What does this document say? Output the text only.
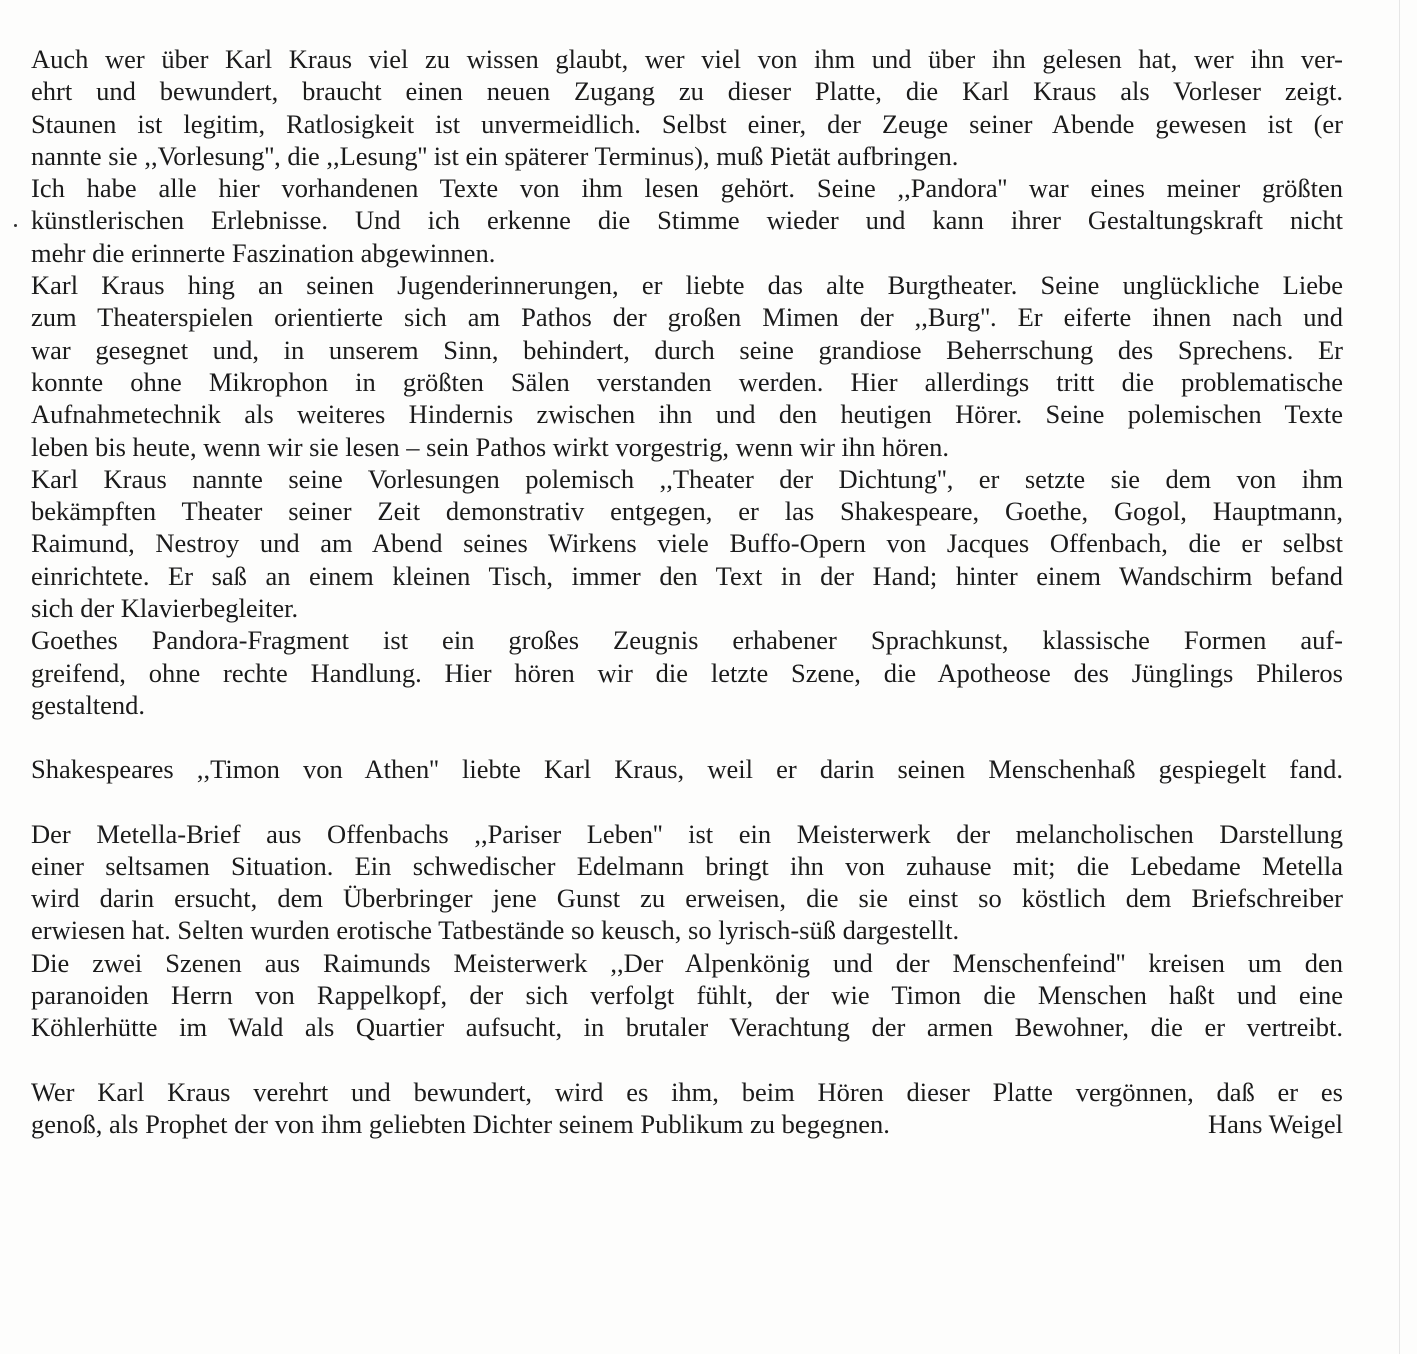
Auch wer über Karl Kraus viel zu wissen glaubt, wer viel von ihm und über ihn gelesen hat, wer ihn ver-
ehrt und bewundert, braucht einen neuen Zugang zu dieser Platte, die Karl Kraus als Vorleser zeigt.
Staunen ist legitim, Ratlosigkeit ist unvermeidlich. Selbst einer, der Zeuge seiner Abende gewesen ist (er
nannte sie ,,Vorlesung'', die ,,Lesung'' ist ein späterer Terminus), muß Pietät aufbringen.

Ich habe alle hier vorhandenen Texte von ihm lesen gehört. Seine ,,Pandora'' war eines meiner größten
künstlerischen Erlebnisse. Und ich erkenne die Stimme wieder und kann ihrer Gestaltungskraft nicht
mehr die erinnerte Faszination abgewinnen.

Karl Kraus hing an seinen Jugenderinnerungen, er liebte das alte Burgtheater. Seine unglückliche Liebe
zum Theaterspielen orientierte sich am Pathos der großen Mimen der ,,Burg''. Er eiferte ihnen nach und
war gesegnet und, in unserem Sinn, behindert, durch seine grandiose Beherrschung des Sprechens. Er
konnte ohne Mikrophon in größten Sälen verstanden werden. Hier allerdings tritt die problematische
Aufnahmetechnik als weiteres Hindernis zwischen ihn und den heutigen Hörer. Seine polemischen Texte
leben bis heute, wenn wir sie lesen – sein Pathos wirkt vorgestrig, wenn wir ihn hören.

Karl Kraus nannte seine Vorlesungen polemisch ,,Theater der Dichtung'', er setzte sie dem von ihm
bekämpften Theater seiner Zeit demonstrativ entgegen, er las Shakespeare, Goethe, Gogol, Hauptmann,
Raimund, Nestroy und am Abend seines Wirkens viele Buffo-Opern von Jacques Offenbach, die er selbst
einrichtete. Er saß an einem kleinen Tisch, immer den Text in der Hand; hinter einem Wandschirm befand
sich der Klavierbegleiter.

Goethes Pandora-Fragment ist ein großes Zeugnis erhabener Sprachkunst, klassische Formen auf-
greifend, ohne rechte Handlung. Hier hören wir die letzte Szene, die Apotheose des Jünglings Phileros
gestaltend.

Shakespeares ,,Timon von Athen'' liebte Karl Kraus, weil er darin seinen Menschenhaß gespiegelt fand.

Der Metella-Brief aus Offenbachs ,,Pariser Leben'' ist ein Meisterwerk der melancholischen Darstellung
einer seltsamen Situation. Ein schwedischer Edelmann bringt ihn von zuhause mit; die Lebedame Metella
wird darin ersucht, dem Überbringer jene Gunst zu erweisen, die sie einst so köstlich dem Briefschreiber
erwiesen hat. Selten wurden erotische Tatbestände so keusch, so lyrisch-süß dargestellt.

Die zwei Szenen aus Raimunds Meisterwerk ,,Der Alpenkönig und der Menschenfeind'' kreisen um den
paranoiden Herrn von Rappelkopf, der sich verfolgt fühlt, der wie Timon die Menschen haßt und eine
Köhlerhütte im Wald als Quartier aufsucht, in brutaler Verachtung der armen Bewohner, die er vertreibt.

Wer Karl Kraus verehrt und bewundert, wird es ihm, beim Hören dieser Platte vergönnen, daß er es
genoß, als Prophet der von ihm geliebten Dichter seinem Publikum zu begegnen.	Hans Weigel
